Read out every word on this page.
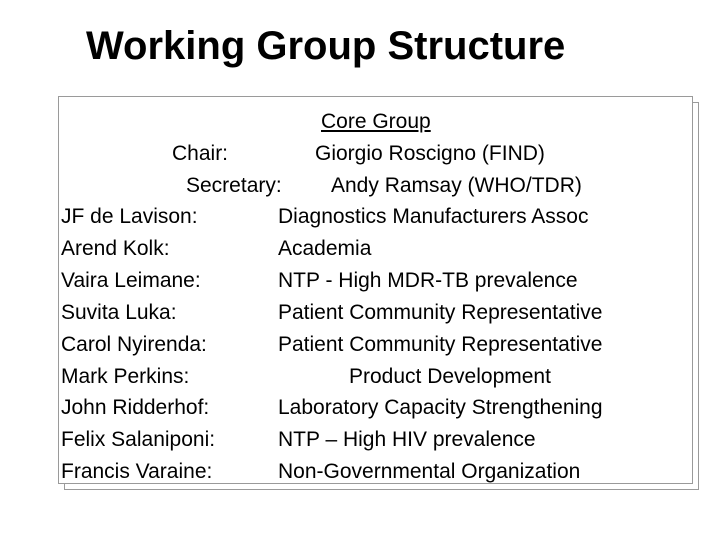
Working Group Structure
Core Group
Chair:	Giorgio Roscigno (FIND)
Secretary: Andy Ramsay (WHO/TDR)
JF de Lavison:	Diagnostics Manufacturers Assoc
Arend Kolk:	Academia
Vaira Leimane:	NTP - High MDR-TB prevalence
Suvita Luka:	Patient Community Representative
Carol Nyirenda:	Patient Community Representative
Mark Perkins:	Product Development
John Ridderhof:	Laboratory Capacity Strengthening
Felix Salaniponi:	NTP – High HIV prevalence
Francis Varaine:	Non-Governmental Organization
